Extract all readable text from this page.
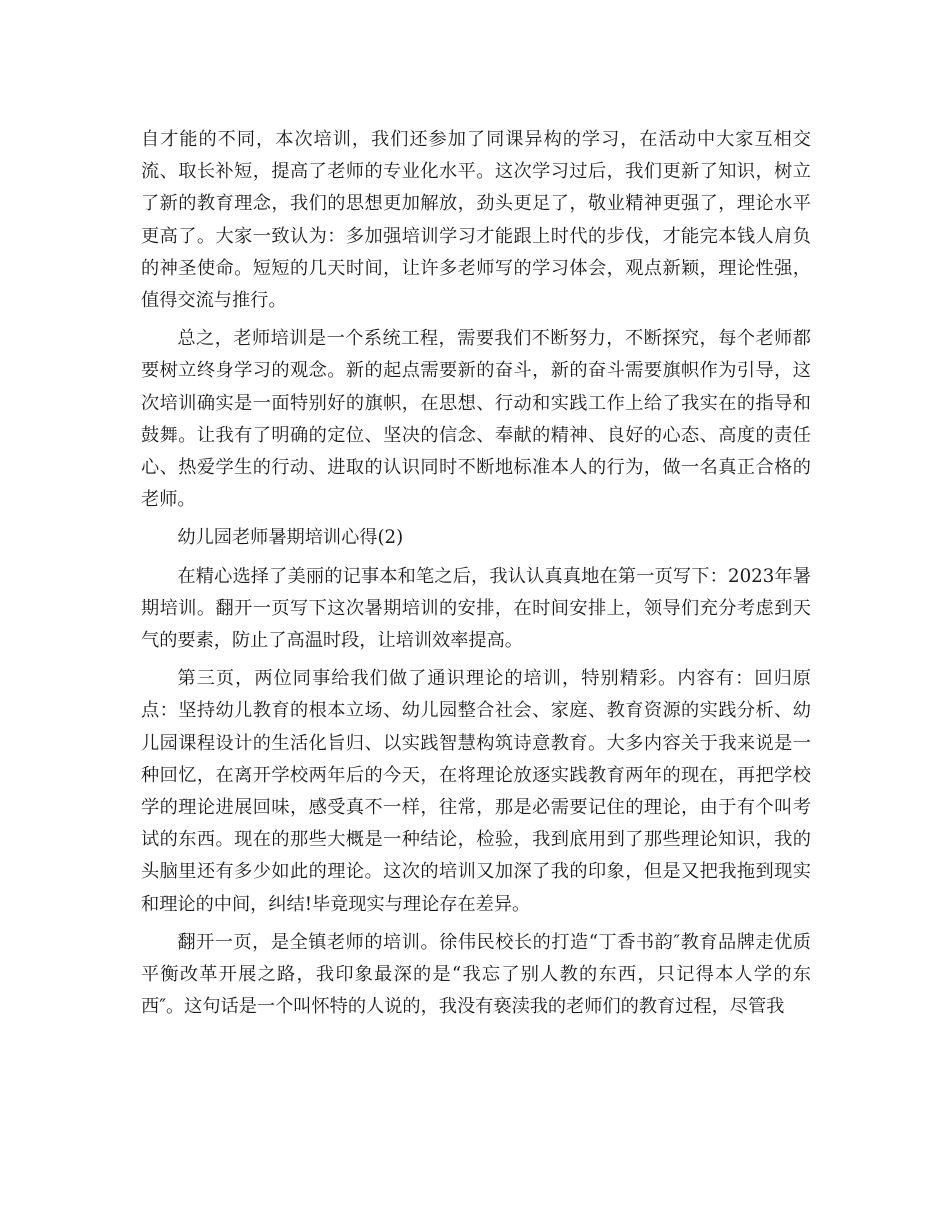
自才能的不同，本次培训，我们还参加了同课异构的学习，在活动中大家互相交流、取长补短，提高了老师的专业化水平。这次学习过后，我们更新了知识，树立了新的教育理念，我们的思想更加解放，劲头更足了，敬业精神更强了，理论水平更高了。大家一致认为：多加强培训学习才能跟上时代的步伐，才能完本钱人肩负的神圣使命。短短的几天时间，让许多老师写的学习体会，观点新颖，理论性强，值得交流与推行。

总之，老师培训是一个系统工程，需要我们不断努力，不断探究，每个老师都要树立终身学习的观念。新的起点需要新的奋斗，新的奋斗需要旗帜作为引导，这次培训确实是一面特别好的旗帜，在思想、行动和实践工作上给了我实在的指导和鼓舞。让我有了明确的定位、坚决的信念、奉献的精神、良好的心态、高度的责任心、热爱学生的行动、进取的认识同时不断地标准本人的行为，做一名真正合格的老师。

幼儿园老师暑期培训心得(2)

在精心选择了美丽的记事本和笔之后，我认认真真地在第一页写下：2023年暑期培训。翻开一页写下这次暑期培训的安排，在时间安排上，领导们充分考虑到天气的要素，防止了高温时段，让培训效率提高。

第三页，两位同事给我们做了通识理论的培训，特别精彩。内容有：回归原点：坚持幼儿教育的根本立场、幼儿园整合社会、家庭、教育资源的实践分析、幼儿园课程设计的生活化旨归、以实践智慧构筑诗意教育。大多内容关于我来说是一种回忆，在离开学校两年后的今天，在将理论放逐实践教育两年的现在，再把学校学的理论进展回味，感受真不一样，往常，那是必需要记住的理论，由于有个叫考试的东西。现在的那些大概是一种结论，检验，我到底用到了那些理论知识，我的头脑里还有多少如此的理论。这次的培训又加深了我的印象，但是又把我拖到现实和理论的中间，纠结!毕竟现实与理论存在差异。

翻开一页，是全镇老师的培训。徐伟民校长的打造“丁香书韵″教育品牌走优质平衡改革开展之路，我印象最深的是“我忘了别人教的东西，只记得本人学的东西″。这句话是一个叫怀特的人说的，我没有亵渎我的老师们的教育过程，尽管我
